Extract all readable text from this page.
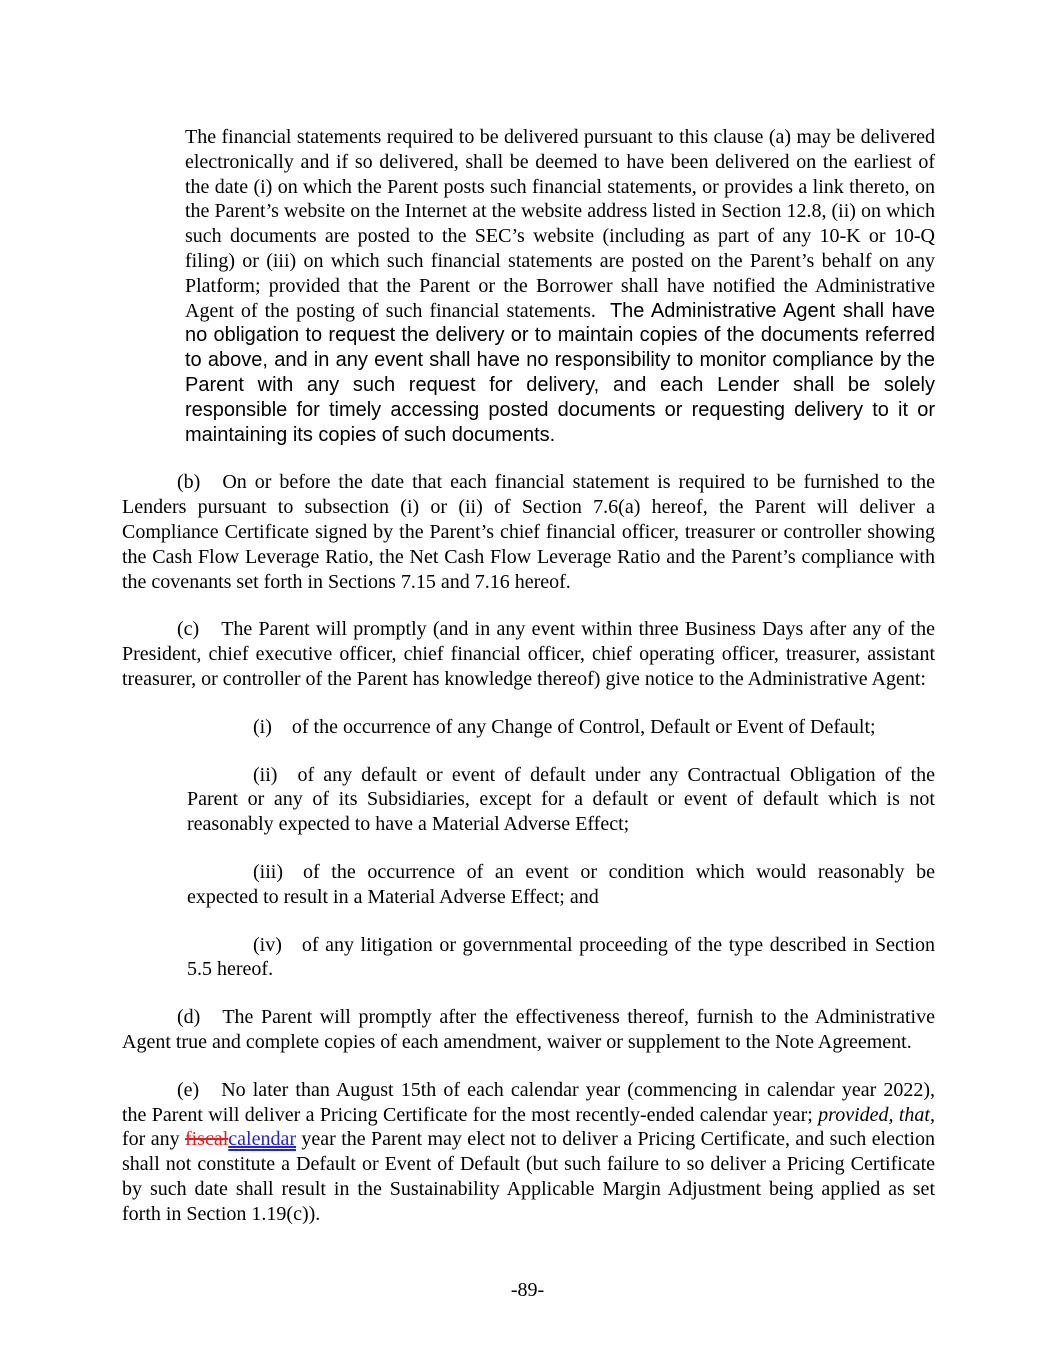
The financial statements required to be delivered pursuant to this clause (a) may be delivered electronically and if so delivered, shall be deemed to have been delivered on the earliest of the date (i) on which the Parent posts such financial statements, or provides a link thereto, on the Parent’s website on the Internet at the website address listed in Section 12.8, (ii) on which such documents are posted to the SEC’s website (including as part of any 10-K or 10-Q filing) or (iii) on which such financial statements are posted on the Parent’s behalf on any Platform; provided that the Parent or the Borrower shall have notified the Administrative Agent of the posting of such financial statements.  The Administrative Agent shall have no obligation to request the delivery or to maintain copies of the documents referred to above, and in any event shall have no responsibility to monitor compliance by the Parent with any such request for delivery, and each Lender shall be solely responsible for timely accessing posted documents or requesting delivery to it or maintaining its copies of such documents.

(b) On or before the date that each financial statement is required to be furnished to the Lenders pursuant to subsection (i) or (ii) of Section 7.6(a) hereof, the Parent will deliver a Compliance Certificate signed by the Parent’s chief financial officer, treasurer or controller showing the Cash Flow Leverage Ratio, the Net Cash Flow Leverage Ratio and the Parent’s compliance with the covenants set forth in Sections 7.15 and 7.16 hereof.

(c) The Parent will promptly (and in any event within three Business Days after any of the President, chief executive officer, chief financial officer, chief operating officer, treasurer, assistant treasurer, or controller of the Parent has knowledge thereof) give notice to the Administrative Agent:

(i) of the occurrence of any Change of Control, Default or Event of Default;

(ii) of any default or event of default under any Contractual Obligation of the Parent or any of its Subsidiaries, except for a default or event of default which is not reasonably expected to have a Material Adverse Effect;

(iii) of the occurrence of an event or condition which would reasonably be expected to result in a Material Adverse Effect; and

(iv) of any litigation or governmental proceeding of the type described in Section 5.5 hereof.

(d) The Parent will promptly after the effectiveness thereof, furnish to the Administrative Agent true and complete copies of each amendment, waiver or supplement to the Note Agreement.

(e) No later than August 15th of each calendar year (commencing in calendar year 2022), the Parent will deliver a Pricing Certificate for the most recently-ended calendar year; provided, that, for any fiscalcalendar year the Parent may elect not to deliver a Pricing Certificate, and such election shall not constitute a Default or Event of Default (but such failure to so deliver a Pricing Certificate by such date shall result in the Sustainability Applicable Margin Adjustment being applied as set forth in Section 1.19(c)).

-89-
